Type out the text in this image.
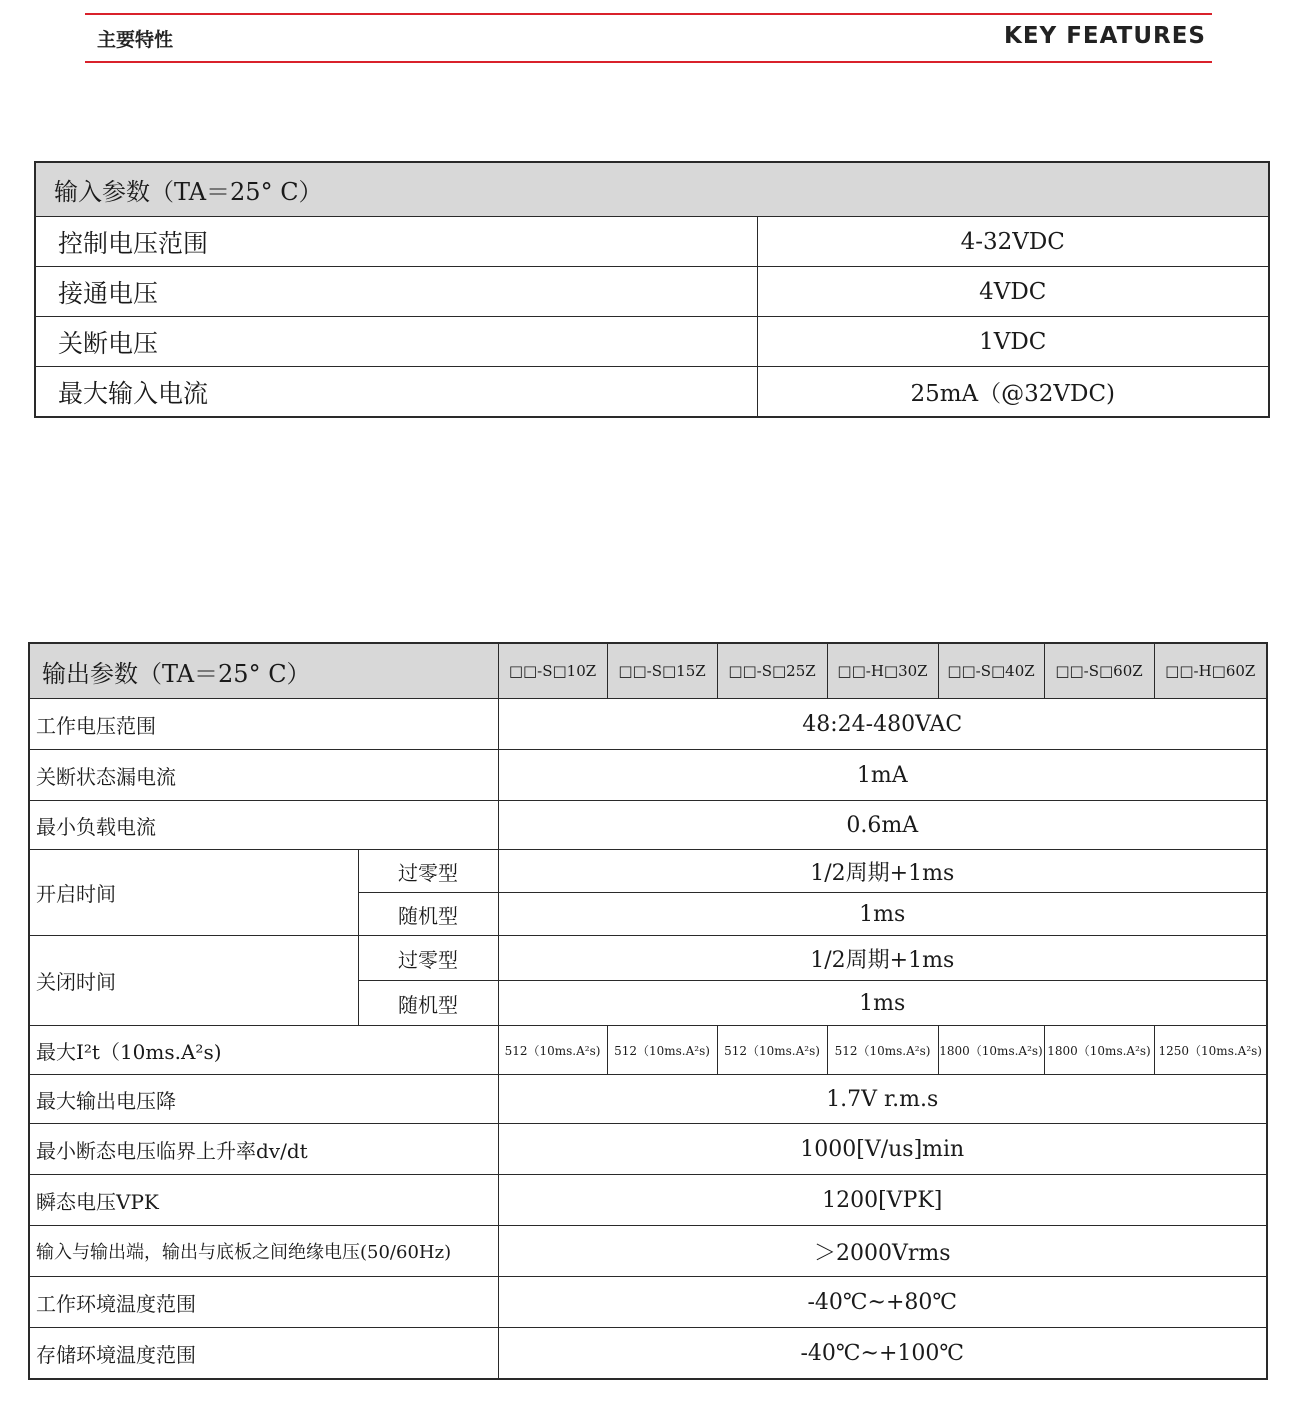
主要特性	KEY FEATURES
输入参数（TA＝25° C）	
控制电压范围	4-32VDC
接通电压	4VDC
关断电压	1VDC
最大输入电流	25mA（@32VDC)
输出参数（TA＝25° C）		□□-S□10Z	□□-S□15Z	□□-S□25Z	□□-H□30Z	□□-S□40Z	□□-S□60Z	□□-H□60Z
工作电压范围		48:24-480VAC						
关断状态漏电流		1mA						
最小负载电流		0.6mA						
开启时间	过零型	1/2周期+1ms						
	随机型	1ms						
关闭时间	过零型	1/2周期+1ms						
	随机型	1ms						
最大I²t（10ms.A²s)		512（10ms.A²s)	512（10ms.A²s)	512（10ms.A²s)	512（10ms.A²s)	1800（10ms.A²s)	1800（10ms.A²s)	1250（10ms.A²s)
最大输出电压降		1.7V r.m.s						
最小断态电压临界上升率dv/dt		1000[V/us]min						
瞬态电压VPK		1200[VPK]						
输入与输出端，输出与底板之间绝缘电压(50/60Hz)		＞2000Vrms						
工作环境温度范围		-40℃~+80℃						
存储环境温度范围		-40℃~+100℃						
